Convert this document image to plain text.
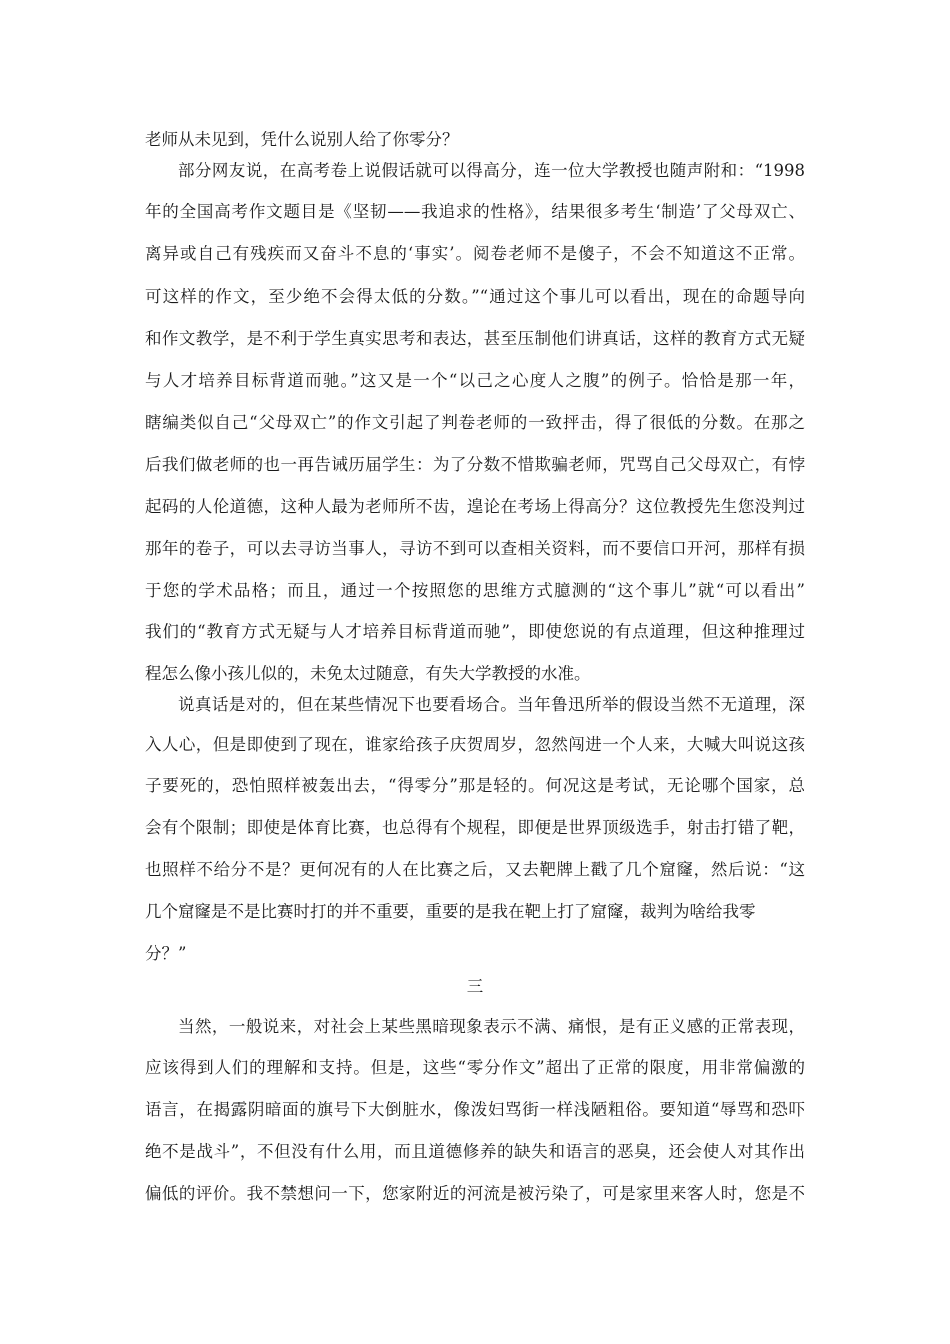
老师从未见到，凭什么说别人给了你零分？
部分网友说，在高考卷上说假话就可以得高分，连一位大学教授也随声附和：“1998
年的全国高考作文题目是《坚韧——我追求的性格》，结果很多考生‘制造’了父母双亡、
离异或自己有残疾而又奋斗不息的‘事实’。阅卷老师不是傻子，不会不知道这不正常。
可这样的作文，至少绝不会得太低的分数。”“通过这个事儿可以看出，现在的命题导向
和作文教学，是不利于学生真实思考和表达，甚至压制他们讲真话，这样的教育方式无疑
与人才培养目标背道而驰。”这又是一个“以己之心度人之腹”的例子。恰恰是那一年，
瞎编类似自己“父母双亡”的作文引起了判卷老师的一致抨击，得了很低的分数。在那之
后我们做老师的也一再告诫历届学生：为了分数不惜欺骗老师，咒骂自己父母双亡，有悖
起码的人伦道德，这种人最为老师所不齿，遑论在考场上得高分？这位教授先生您没判过
那年的卷子，可以去寻访当事人，寻访不到可以查相关资料，而不要信口开河，那样有损
于您的学术品格；而且，通过一个按照您的思维方式臆测的“这个事儿”就“可以看出”
我们的“教育方式无疑与人才培养目标背道而驰”，即使您说的有点道理，但这种推理过
程怎么像小孩儿似的，未免太过随意，有失大学教授的水准。
说真话是对的，但在某些情况下也要看场合。当年鲁迅所举的假设当然不无道理，深
入人心，但是即使到了现在，谁家给孩子庆贺周岁，忽然闯进一个人来，大喊大叫说这孩
子要死的，恐怕照样被轰出去，“得零分”那是轻的。何况这是考试，无论哪个国家，总
会有个限制；即使是体育比赛，也总得有个规程，即便是世界顶级选手，射击打错了靶，
也照样不给分不是？更何况有的人在比赛之后，又去靶牌上戳了几个窟窿，然后说：“这
几个窟窿是不是比赛时打的并不重要，重要的是我在靶上打了窟窿，裁判为啥给我零
分？”
三
当然，一般说来，对社会上某些黑暗现象表示不满、痛恨，是有正义感的正常表现，
应该得到人们的理解和支持。但是，这些“零分作文”超出了正常的限度，用非常偏激的
语言，在揭露阴暗面的旗号下大倒脏水，像泼妇骂街一样浅陋粗俗。要知道“辱骂和恐吓
绝不是战斗”，不但没有什么用，而且道德修养的缺失和语言的恶臭，还会使人对其作出
偏低的评价。我不禁想问一下，您家附近的河流是被污染了，可是家里来客人时，您是不
